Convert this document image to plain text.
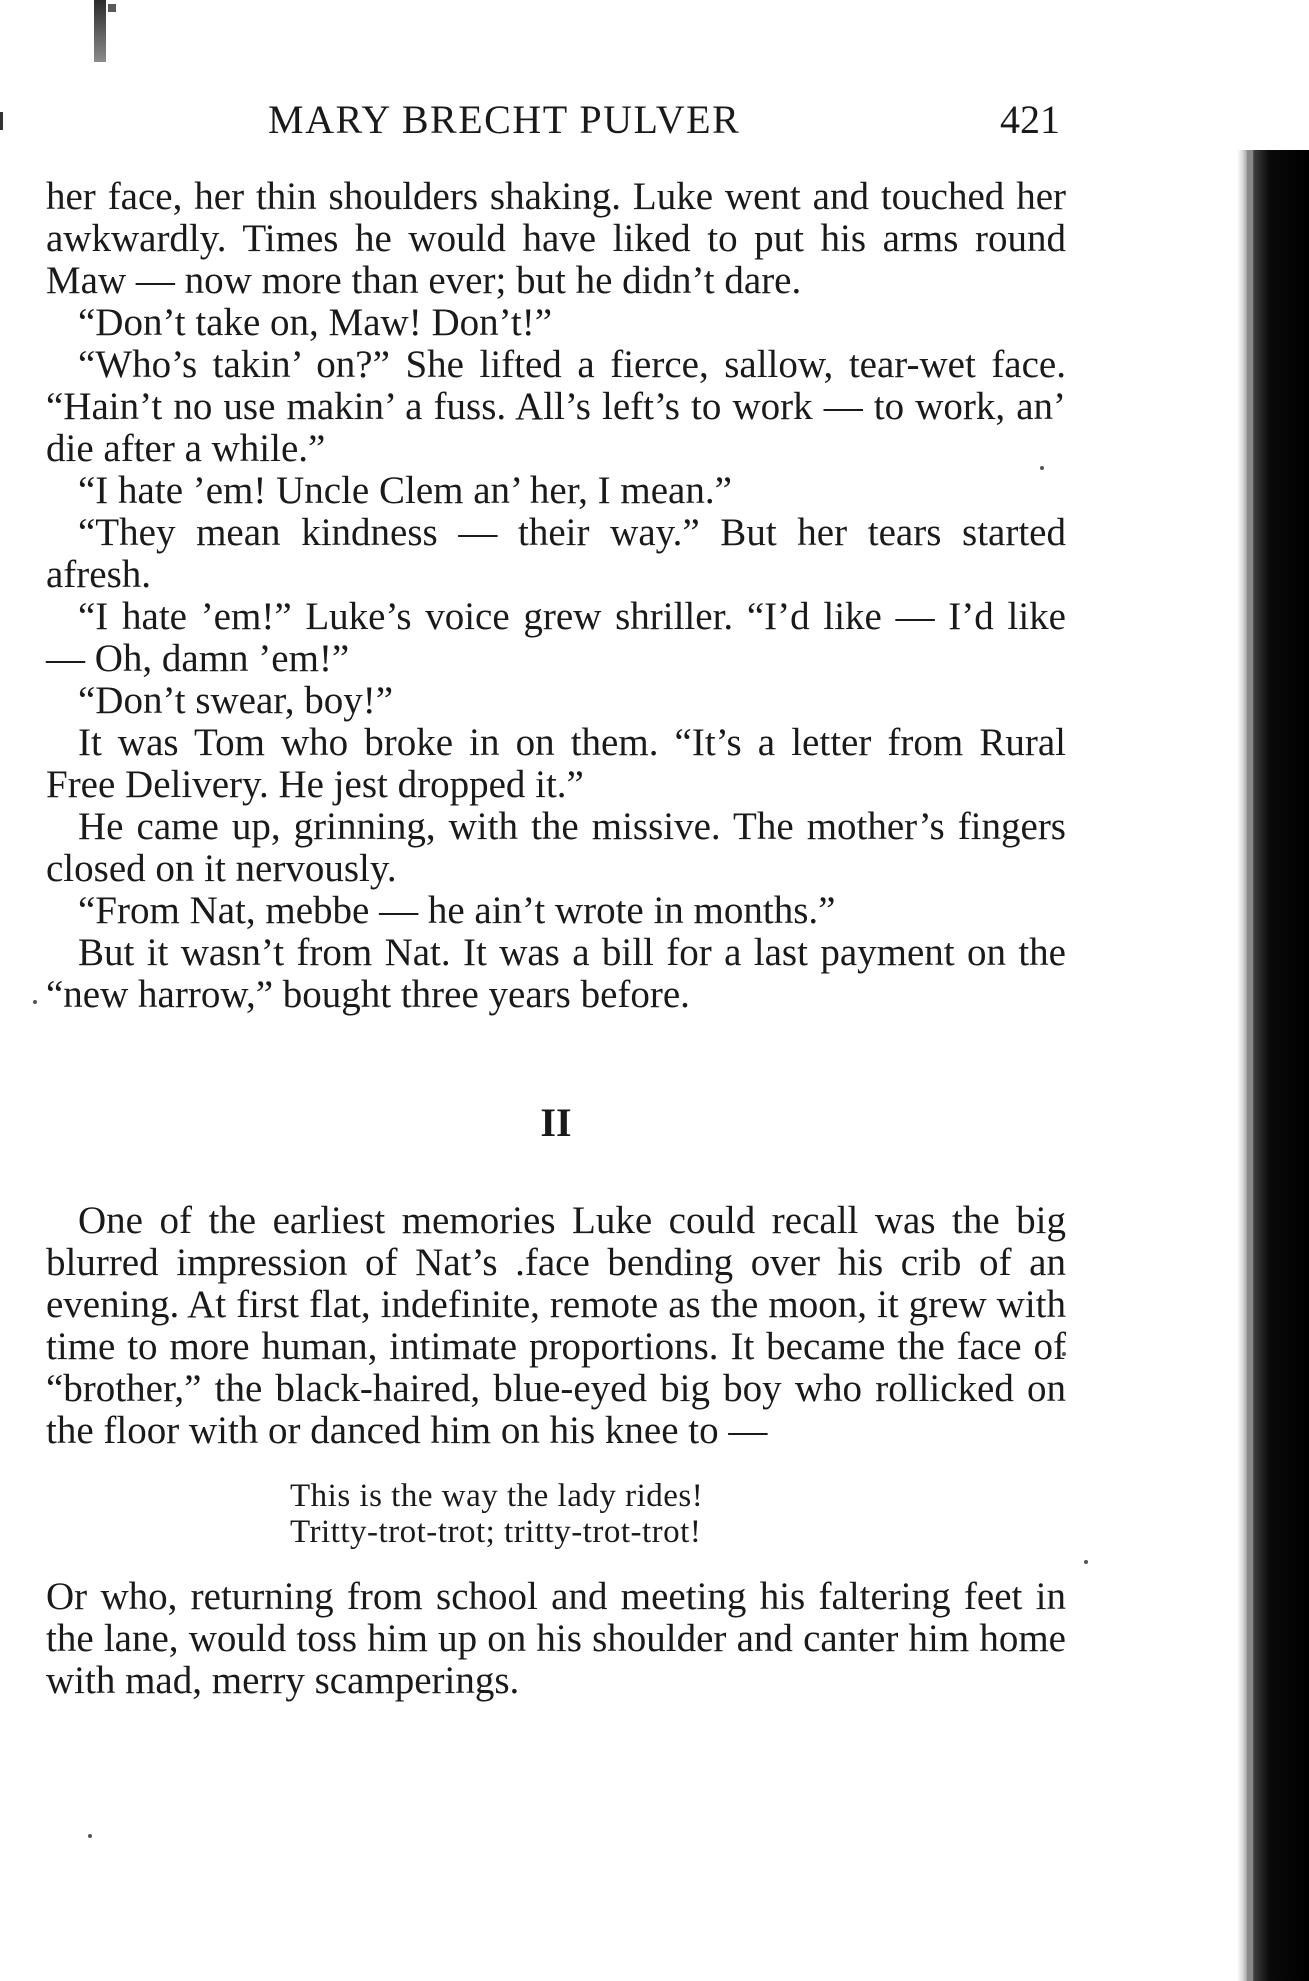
MARY BRECHT PULVER	421

her face, her thin shoulders shaking. Luke went and touched her awkwardly. Times he would have liked to put his arms round Maw — now more than ever; but he didn’t dare.

“Don’t take on, Maw! Don’t!”

“Who’s takin’ on?” She lifted a fierce, sallow, tear-wet face. “Hain’t no use makin’ a fuss. All’s left’s to work — to work, an’ die after a while.”

“I hate ’em! Uncle Clem an’ her, I mean.”

“They mean kindness — their way.” But her tears started afresh.

“I hate ’em!” Luke’s voice grew shriller. “I’d like — I’d like — Oh, damn ’em!”

“Don’t swear, boy!”

It was Tom who broke in on them. “It’s a letter from Rural Free Delivery. He jest dropped it.”

He came up, grinning, with the missive. The mother’s fingers closed on it nervously.

“From Nat, mebbe — he ain’t wrote in months.”

But it wasn’t from Nat. It was a bill for a last payment on the “new harrow,” bought three years before.

II

One of the earliest memories Luke could recall was the big blurred impression of Nat’s .face bending over his crib of an evening. At first flat, indefinite, remote as the moon, it grew with time to more human, intimate proportions. It became the face of “brother,” the black-haired, blue-eyed big boy who rollicked on the floor with or danced him on his knee to —

This is the way the lady rides!
Tritty-trot-trot; tritty-trot-trot!

Or who, returning from school and meeting his faltering feet in the lane, would toss him up on his shoulder and canter him home with mad, merry scamperings.
